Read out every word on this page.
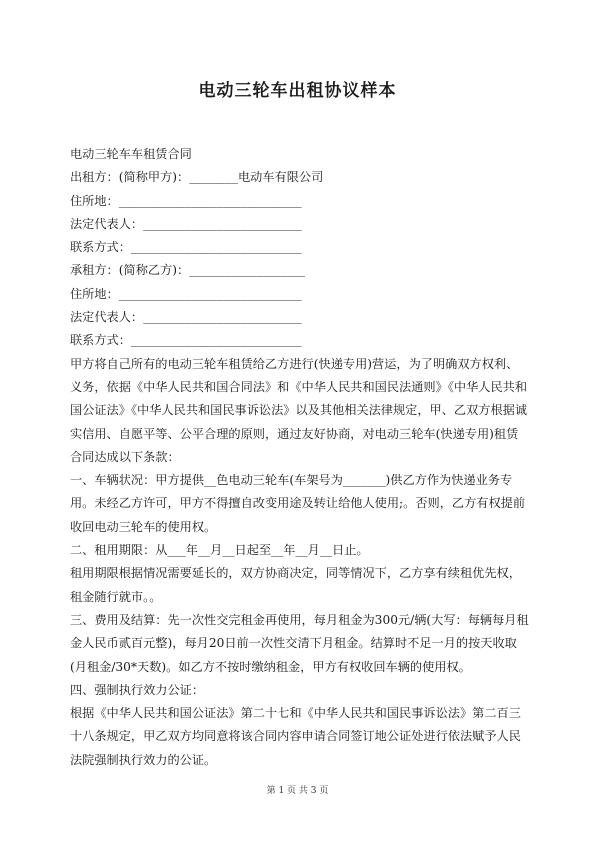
电动三轮车出租协议样本

电动三轮车车租赁合同

出租方：(简称甲方)：________电动车有限公司

住所地：______________________________

法定代表人：__________________________

联系方式：____________________________

承租方：(简称乙方)：___________________

住所地：______________________________

法定代表人：__________________________

联系方式：____________________________

甲方将自己所有的电动三轮车租赁给乙方进行(快递专用)营运，为了明确双方权利、义务，依据《中华人民共和国合同法》和《中华人民共和国民法通则》《中华人民共和国公证法》《中华人民共和国民事诉讼法》以及其他相关法律规定，甲、乙双方根据诚实信用、自愿平等、公平合理的原则，通过友好协商，对电动三轮车(快递专用)租赁合同达成以下条款：

一、车辆状况：甲方提供__色电动三轮车(车架号为_______)供乙方作为快递业务专用。未经乙方许可，甲方不得擅自改变用途及转让给他人使用;。否则，乙方有权提前收回电动三轮车的使用权。

二、租用期限：从___年__月__日起至__年__月__日止。

租用期限根据情况需要延长的，双方协商决定，同等情况下，乙方享有续租优先权，租金随行就市。。

三、费用及结算：先一次性交完租金再使用，每月租金为300元/辆(大写：每辆每月租金人民币贰百元整)，每月20日前一次性交清下月租金。结算时不足一月的按天收取(月租金/30*天数)。如乙方不按时缴纳租金，甲方有权收回车辆的使用权。

四、强制执行效力公证：

根据《中华人民共和国公证法》第二十七和《中华人民共和国民事诉讼法》第二百三十八条规定，甲乙双方均同意将该合同内容申请合同签订地公证处进行依法赋予人民法院强制执行效力的公证。

第 1 页 共 3 页
